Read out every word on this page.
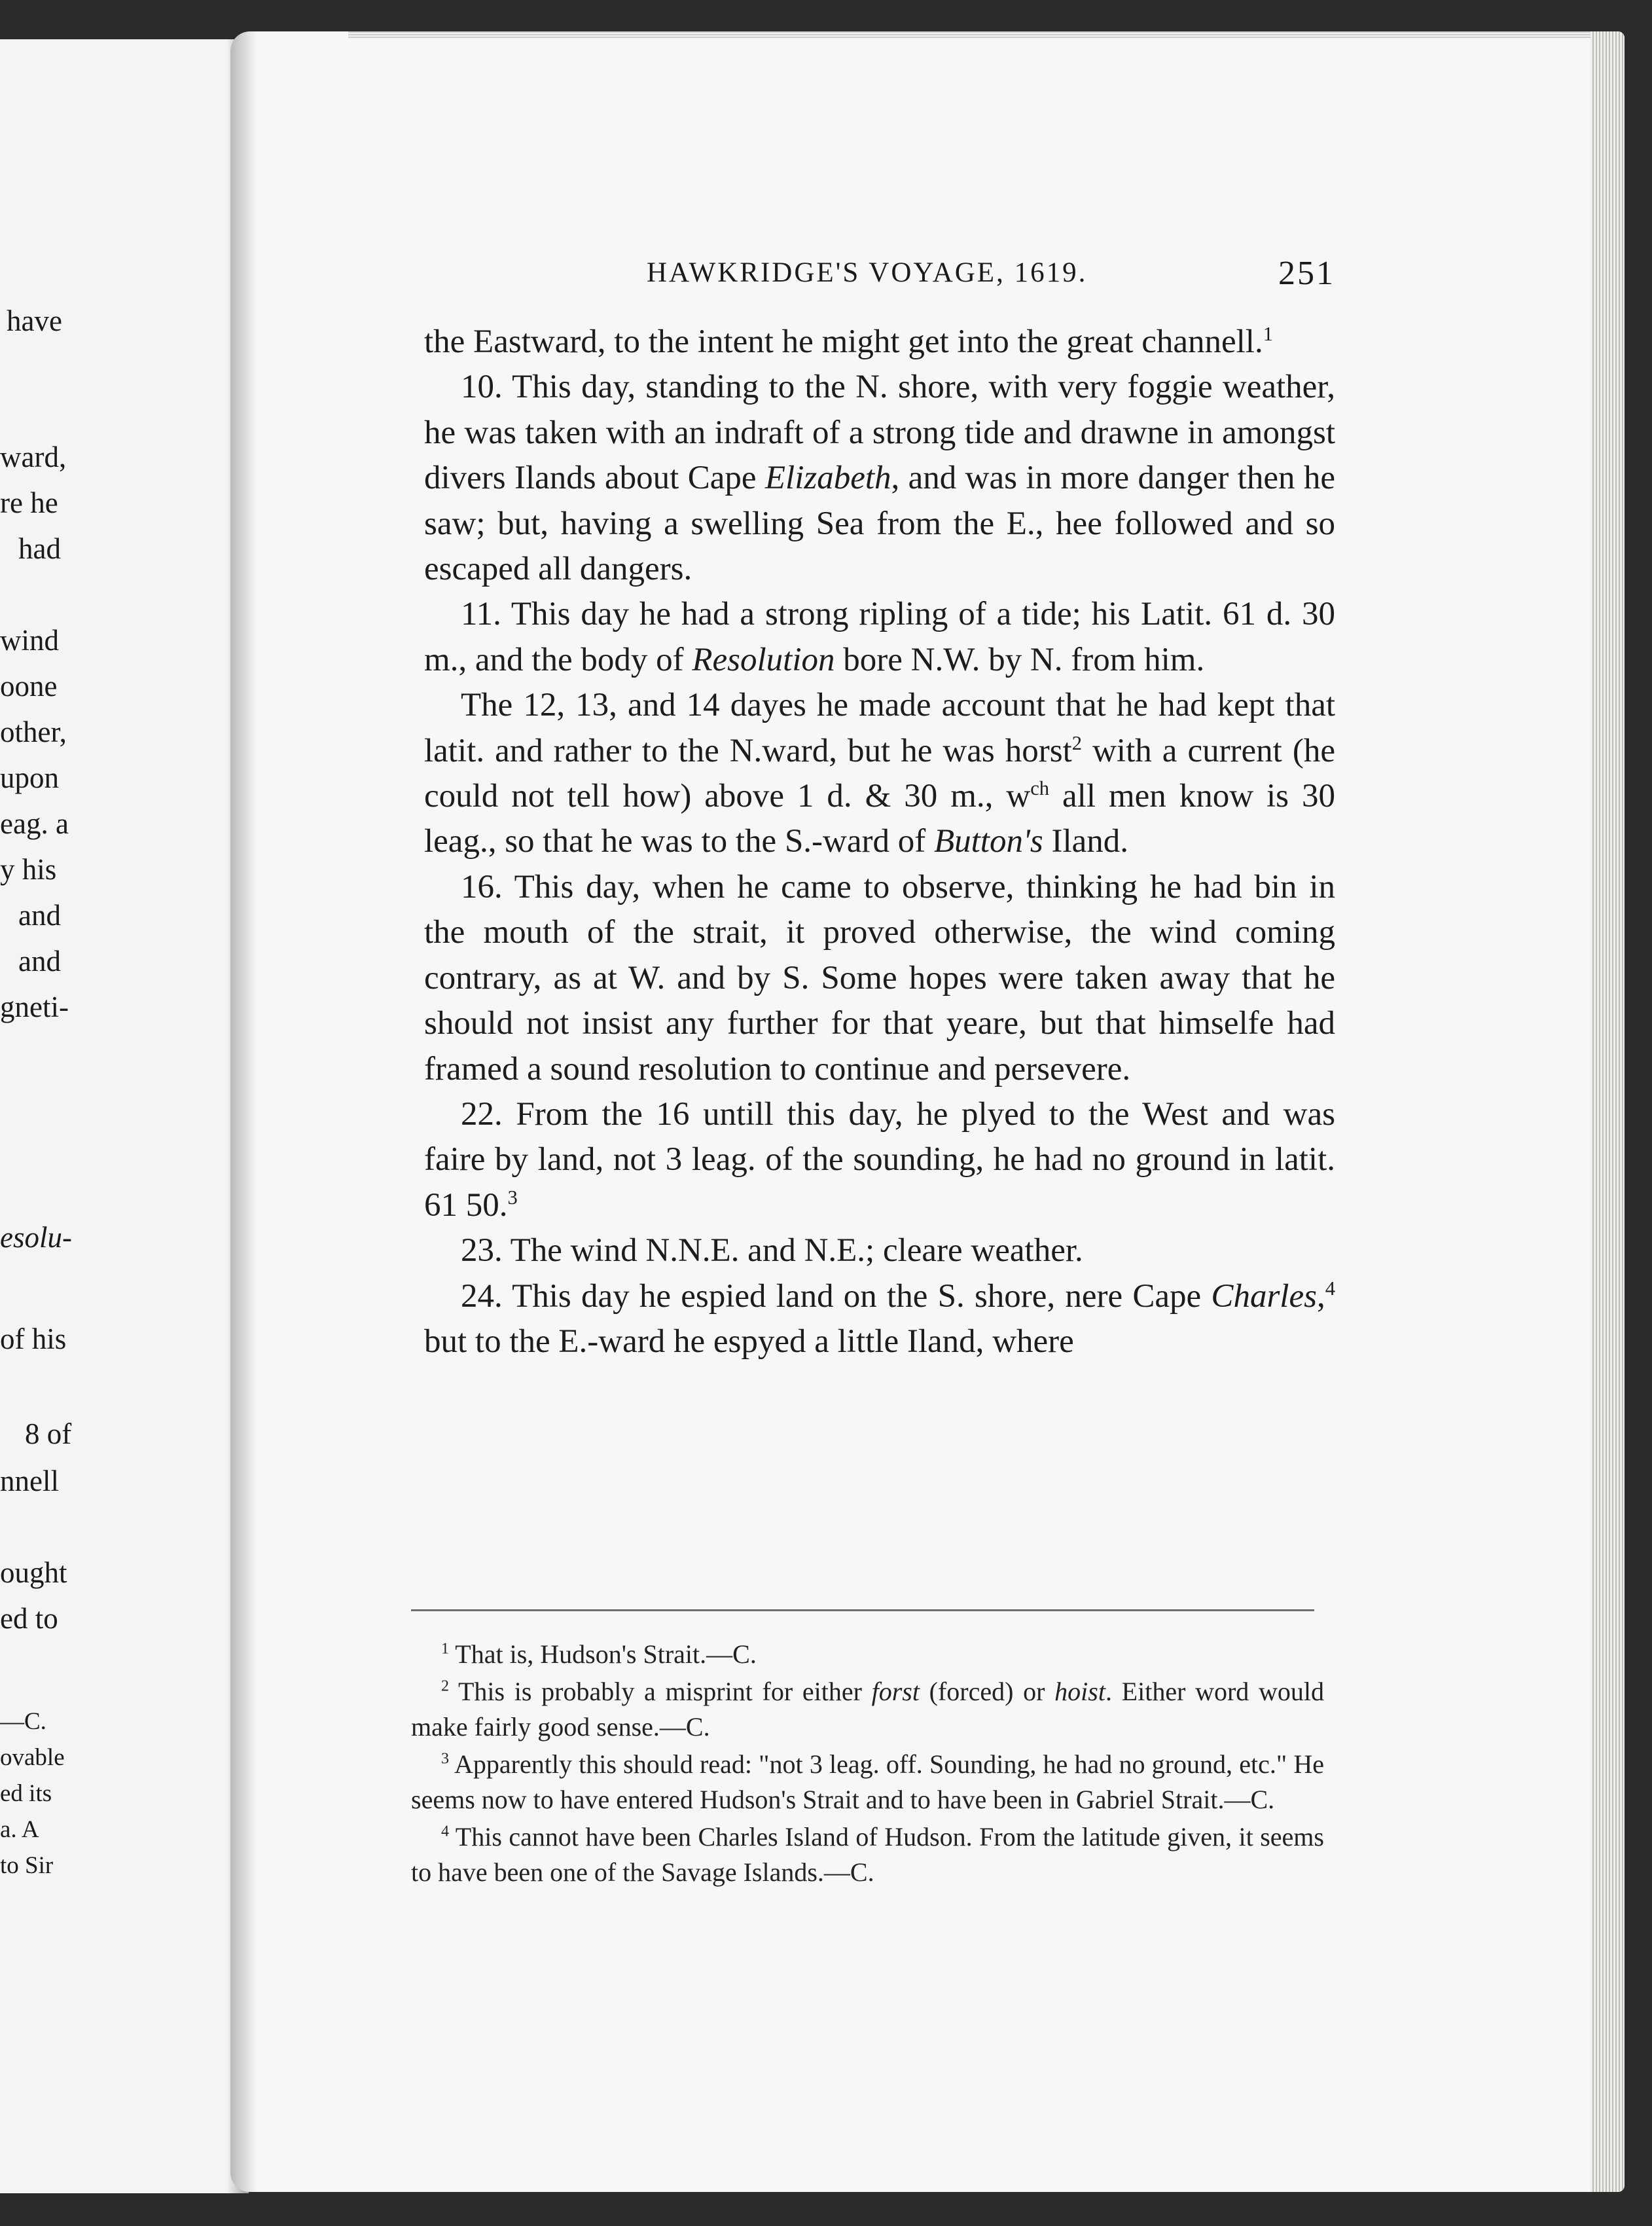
have
ward,
re he
had
wind
oone
other,
upon
eag. a
y his
and
and
gneti-
esolu-
of his
8 of
nnell
ought
ed to
—C.
ovable
ed its
a. A
to Sir
HAWKRIDGE'S VOYAGE, 1619.	251

the Eastward, to the intent he might get into the great channell.$^1$

10. This day, standing to the N. shore, with very foggie weather, he was taken with an indraft of a strong tide and drawne in amongst divers Ilands about Cape Elizabeth, and was in more danger then he saw; but, having a swelling Sea from the E., hee followed and so escaped all dangers.

11. This day he had a strong ripling of a tide; his Latit. 61 d. 30 m., and the body of Resolution bore N.W. by N. from him.

The 12, 13, and 14 dayes he made account that he had kept that latit. and rather to the N.ward, but he was horst$^2$ with a current (he could not tell how) above 1 d. & 30 m., $w^{ch}$ all men know is 30 leag., so that he was to the S.-ward of Button's Iland.

16. This day, when he came to observe, thinking he had bin in the mouth of the strait, it proved otherwise, the wind coming contrary, as at W. and by S. Some hopes were taken away that he should not insist any further for that yeare, but that himselfe had framed a sound resolution to continue and persevere.

22. From the 16 untill this day, he plyed to the West and was faire by land, not 3 leag. of the sounding, he had no ground in latit. 61 50.$^3$

23. The wind N.N.E. and N.E.; cleare weather.

24. This day he espied land on the S. shore, nere Cape Charles,$^4$ but to the E.-ward he espyed a little Iland, where

$^1$ That is, Hudson's Strait.—C.

$^2$ This is probably a misprint for either forst (forced) or hoist. Either word would make fairly good sense.—C.

$^3$ Apparently this should read: "not 3 leag. off. Sounding, he had no ground, etc." He seems now to have entered Hudson's Strait and to have been in Gabriel Strait.—C.

$^4$ This cannot have been Charles Island of Hudson. From the latitude given, it seems to have been one of the Savage Islands.—C.
